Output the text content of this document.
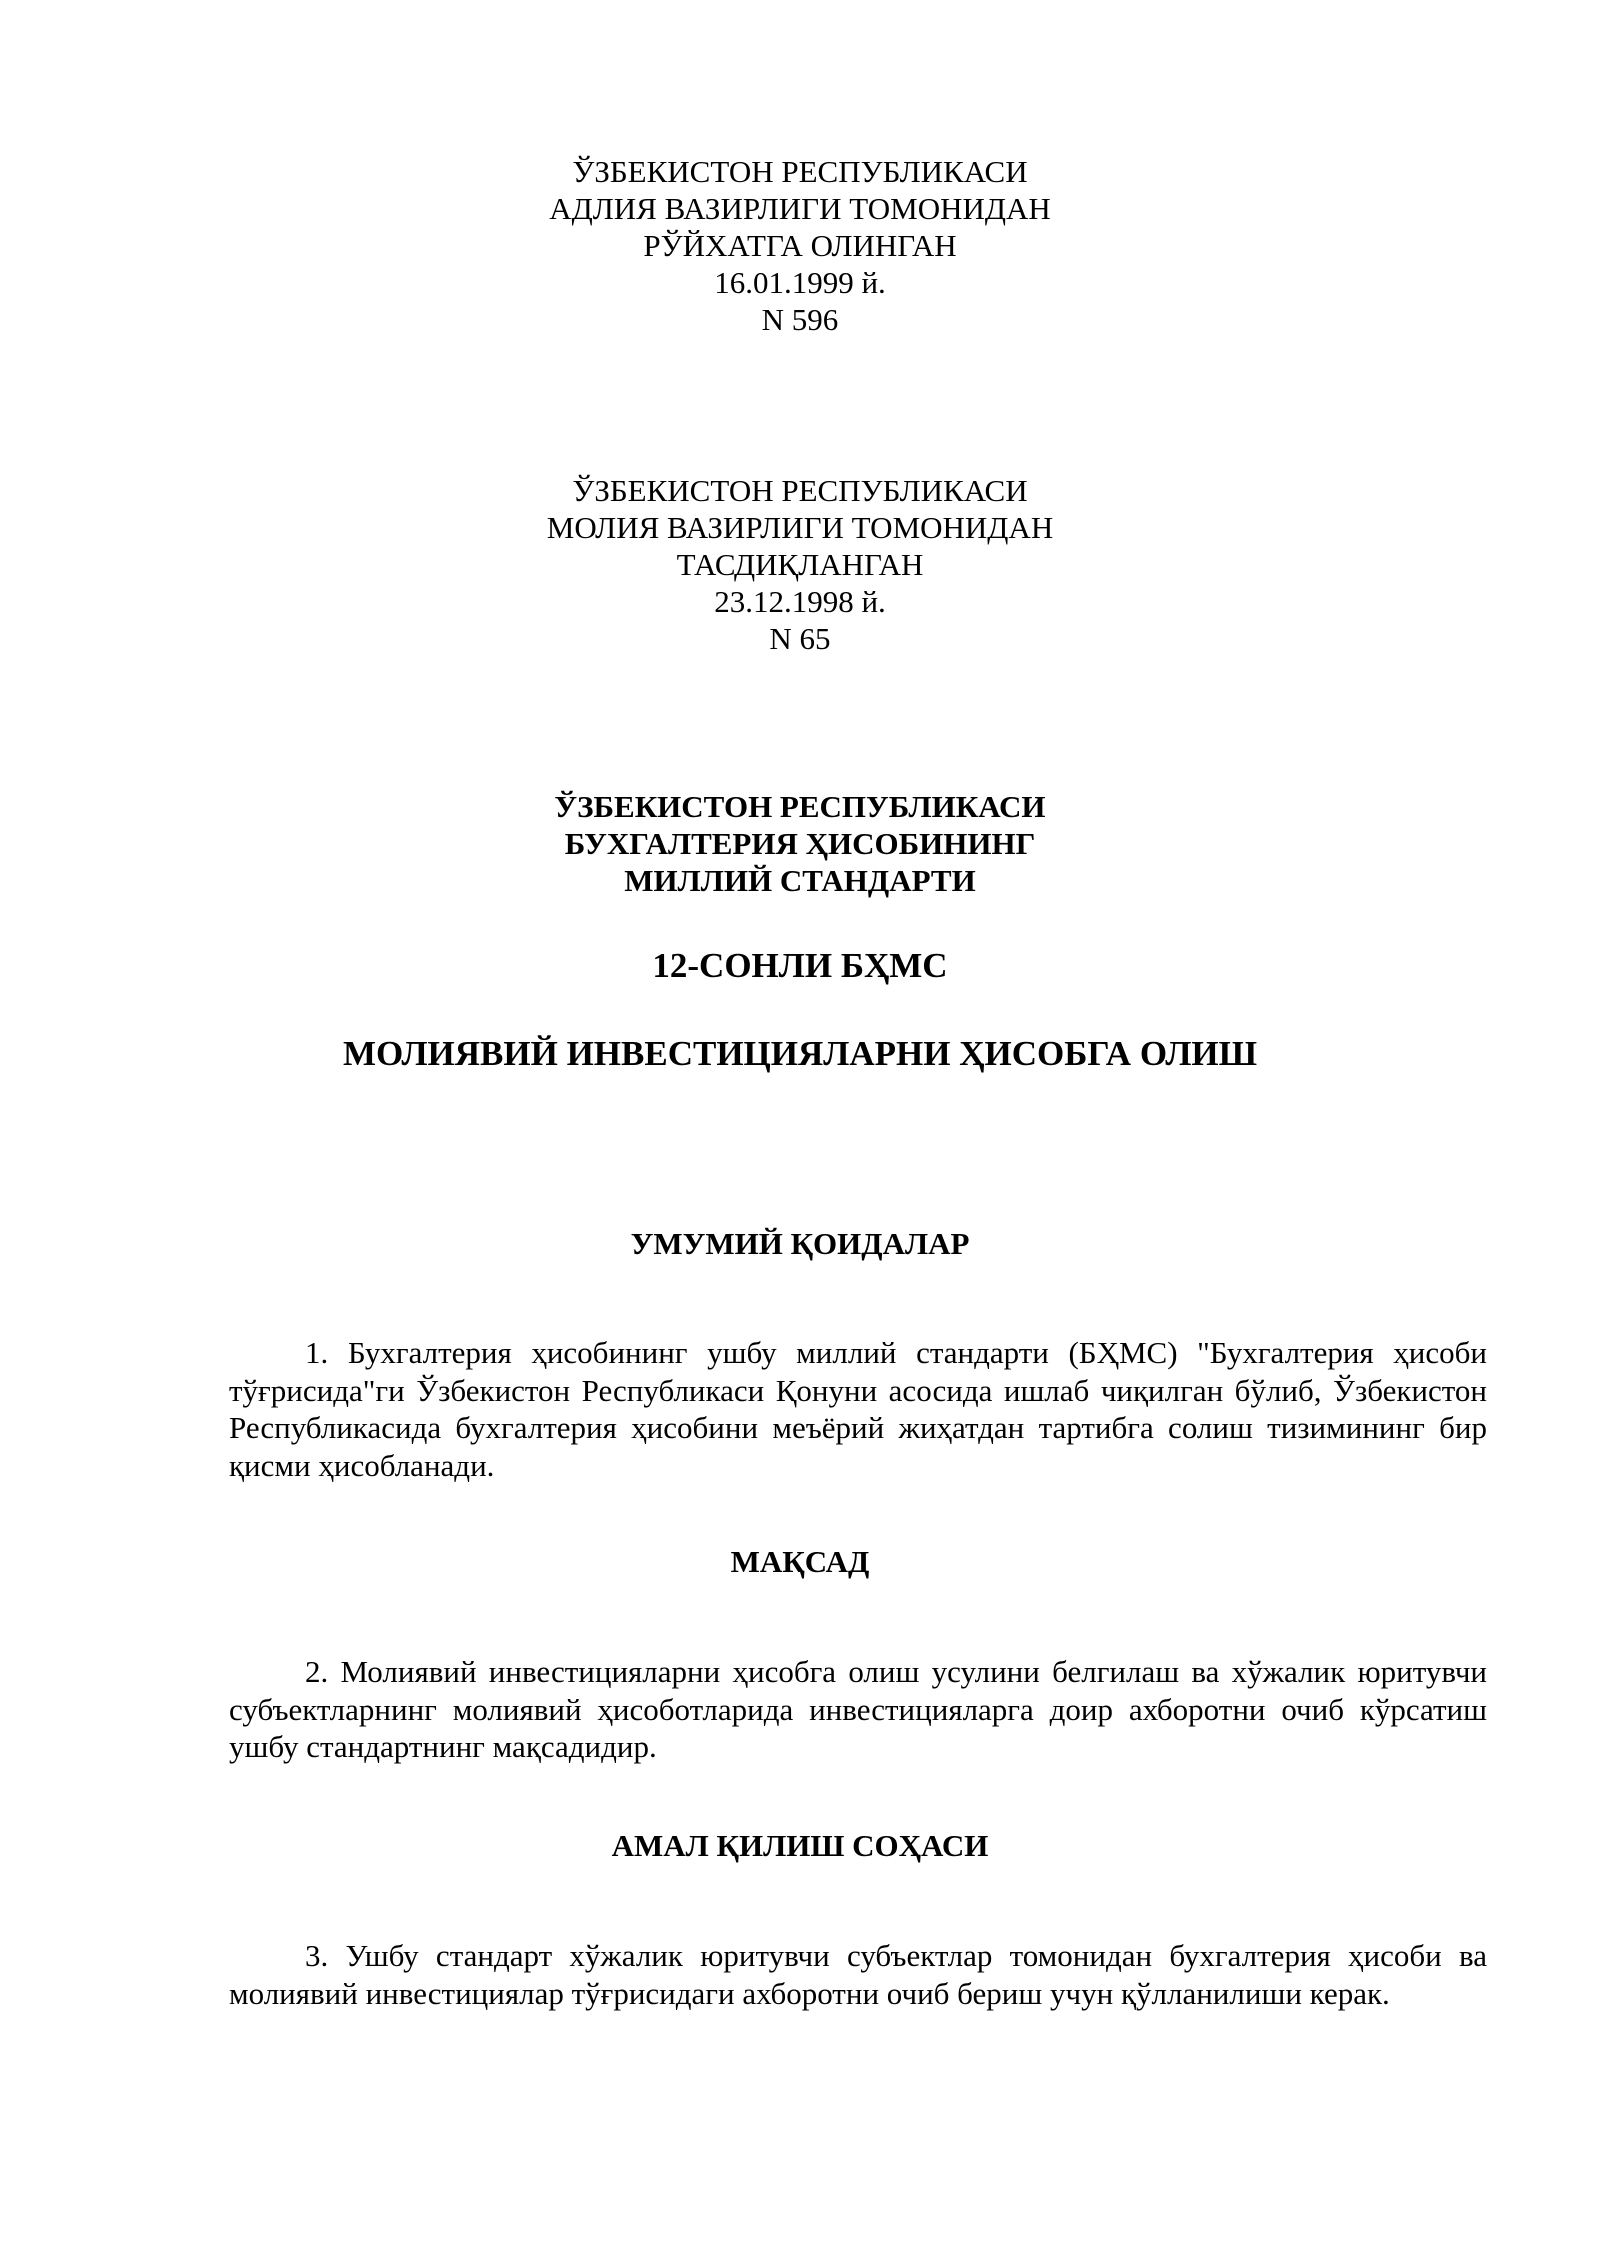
ЎЗБЕКИСТОН РЕСПУБЛИКАСИ
АДЛИЯ ВАЗИРЛИГИ ТОМОНИДАН
РЎЙХАТГА ОЛИНГАН
16.01.1999 й.
N 596
ЎЗБЕКИСТОН РЕСПУБЛИКАСИ
МОЛИЯ ВАЗИРЛИГИ ТОМОНИДАН
ТАСДИҚЛАНГАН
23.12.1998 й.
N 65
ЎЗБЕКИСТОН РЕСПУБЛИКАСИ
БУХГАЛТЕРИЯ ҲИСОБИНИНГ
МИЛЛИЙ СТАНДАРТИ
12-СОНЛИ БҲМС
МОЛИЯВИЙ ИНВЕСТИЦИЯЛАРНИ ҲИСОБГА ОЛИШ
УМУМИЙ ҚОИДАЛАР

1. Бухгалтерия ҳисобининг ушбу миллий стандарти (БҲМС) "Бухгалтерия ҳисоби тўғрисида"ги Ўзбекистон Республикаси Қонуни асосида ишлаб чиқилган бўлиб, Ўзбекистон Республикасида бухгалтерия ҳисобини меъёрий жиҳатдан тартибга солиш тизимининг бир қисми ҳисобланади.

МАҚСАД

2. Молиявий инвестицияларни ҳисобга олиш усулини белгилаш ва хўжалик юритувчи субъектларнинг молиявий ҳисоботларида инвестицияларга доир ахборотни очиб кўрсатиш ушбу стандартнинг мақсадидир.

АМАЛ ҚИЛИШ СОҲАСИ

3. Ушбу стандарт хўжалик юритувчи субъектлар томонидан бухгалтерия ҳисоби ва молиявий инвестициялар тўғрисидаги ахборотни очиб бериш учун қўлланилиши керак.
